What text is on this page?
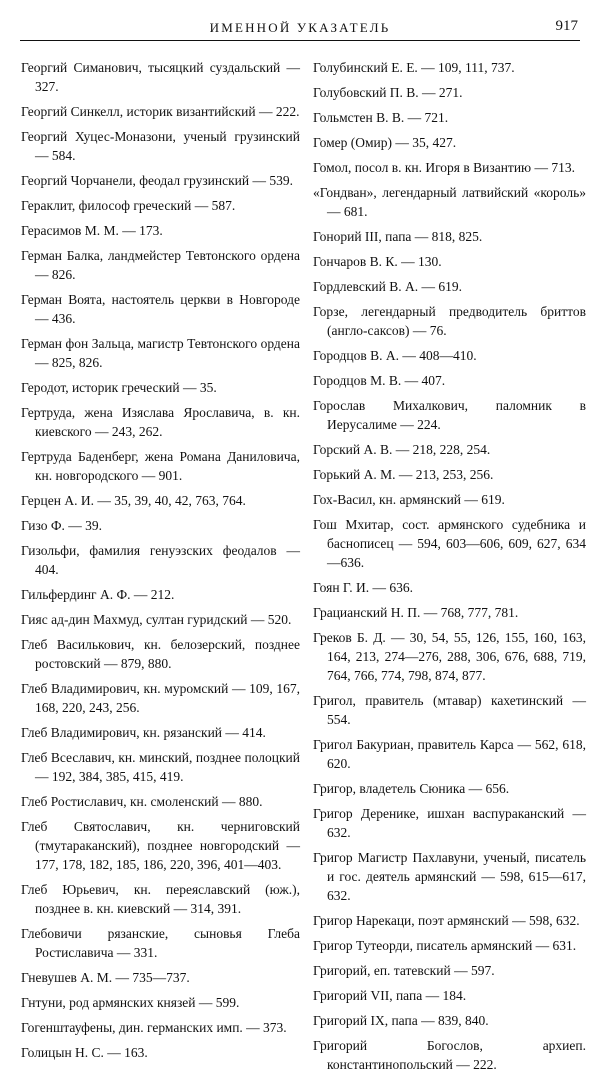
ИМЕННОЙ УКАЗАТЕЛЬ	917

Георгий Симанович, тысяцкий суздальский — 327.

Георгий Синкелл, историк византийский — 222.

Георгий Хуцес-Моназони, ученый грузинский — 584.

Георгий Чорчанели, феодал грузинский — 539.

Гераклит, философ греческий — 587.

Герасимов М. М. — 173.

Герман Балка, ландмейстер Тевтонского ордена — 826.

Герман Воята, настоятель церкви в Новгороде — 436.

Герман фон Зальца, магистр Тевтонского ордена — 825, 826.

Геродот, историк греческий — 35.

Гертруда, жена Изяслава Ярославича, в. кн. киевского — 243, 262.

Гертруда Баденберг, жена Романа Даниловича, кн. новгородского — 901.

Герцен А. И. — 35, 39, 40, 42, 763, 764.

Гизо Ф. — 39.

Гизольфи, фамилия генуэзских феодалов — 404.

Гильфердинг А. Ф. — 212.

Гияс ад-дин Махмуд, султан гуридский — 520.

Глеб Василькович, кн. белозерский, позднее ростовский — 879, 880.

Глеб Владимирович, кн. муромский — 109, 167, 168, 220, 243, 256.

Глеб Владимирович, кн. рязанский — 414.

Глеб Всеславич, кн. минский, позднее полоцкий — 192, 384, 385, 415, 419.

Глеб Ростиславич, кн. смоленский — 880.

Глеб Святославич, кн. черниговский (тмутараканский), позднее новгородский — 177, 178, 182, 185, 186, 220, 396, 401—403.

Глеб Юрьевич, кн. переяславский (юж.), позднее в. кн. киевский — 314, 391.

Глебовичи рязанские, сыновья Глеба Ростиславича — 331.

Гневушев А. М. — 735—737.

Гнтуни, род армянских князей — 599.

Гогенштауфены, дин. германских имп. — 373.

Голицын Н. С. — 163.

Голубинский Е. Е. — 109, 111, 737.

Голубовский П. В. — 271.

Гольмстен В. В. — 721.

Гомер (Омир) — 35, 427.

Гомол, посол в. кн. Игоря в Византию — 713.

«Гондван», легендарный латвийский «король» — 681.

Гонорий III, папа — 818, 825.

Гончаров В. К. — 130.

Гордлевский В. А. — 619.

Горзе, легендарный предводитель бриттов (англо-саксов) — 76.

Городцов В. А. — 408—410.

Городцов М. В. — 407.

Горослав Михалкович, паломник в Иерусалиме — 224.

Горский А. В. — 218, 228, 254.

Горький А. М. — 213, 253, 256.

Гох-Васил, кн. армянский — 619.

Гош Мхитар, сост. армянского судебника и баснописец — 594, 603—606, 609, 627, 634—636.

Гоян Г. И. — 636.

Грацианский Н. П. — 768, 777, 781.

Греков Б. Д. — 30, 54, 55, 126, 155, 160, 163, 164, 213, 274—276, 288, 306, 676, 688, 719, 764, 766, 774, 798, 874, 877.

Григол, правитель (мтавар) кахетинский — 554.

Григол Бакуриан, правитель Карса — 562, 618, 620.

Григор, владетель Сюника — 656.

Григор Деренике, ишхан васпураканский — 632.

Григор Магистр Пахлавуни, ученый, писатель и гос. деятель армянский — 598, 615—617, 632.

Григор Нарекаци, поэт армянский — 598, 632.

Григор Тутеорди, писатель армянский — 631.

Григорий, еп. татевский — 597.

Григорий VII, папа — 184.

Григорий IX, папа — 839, 840.

Григорий Богослов, архиеп. константинопольский — 222.
